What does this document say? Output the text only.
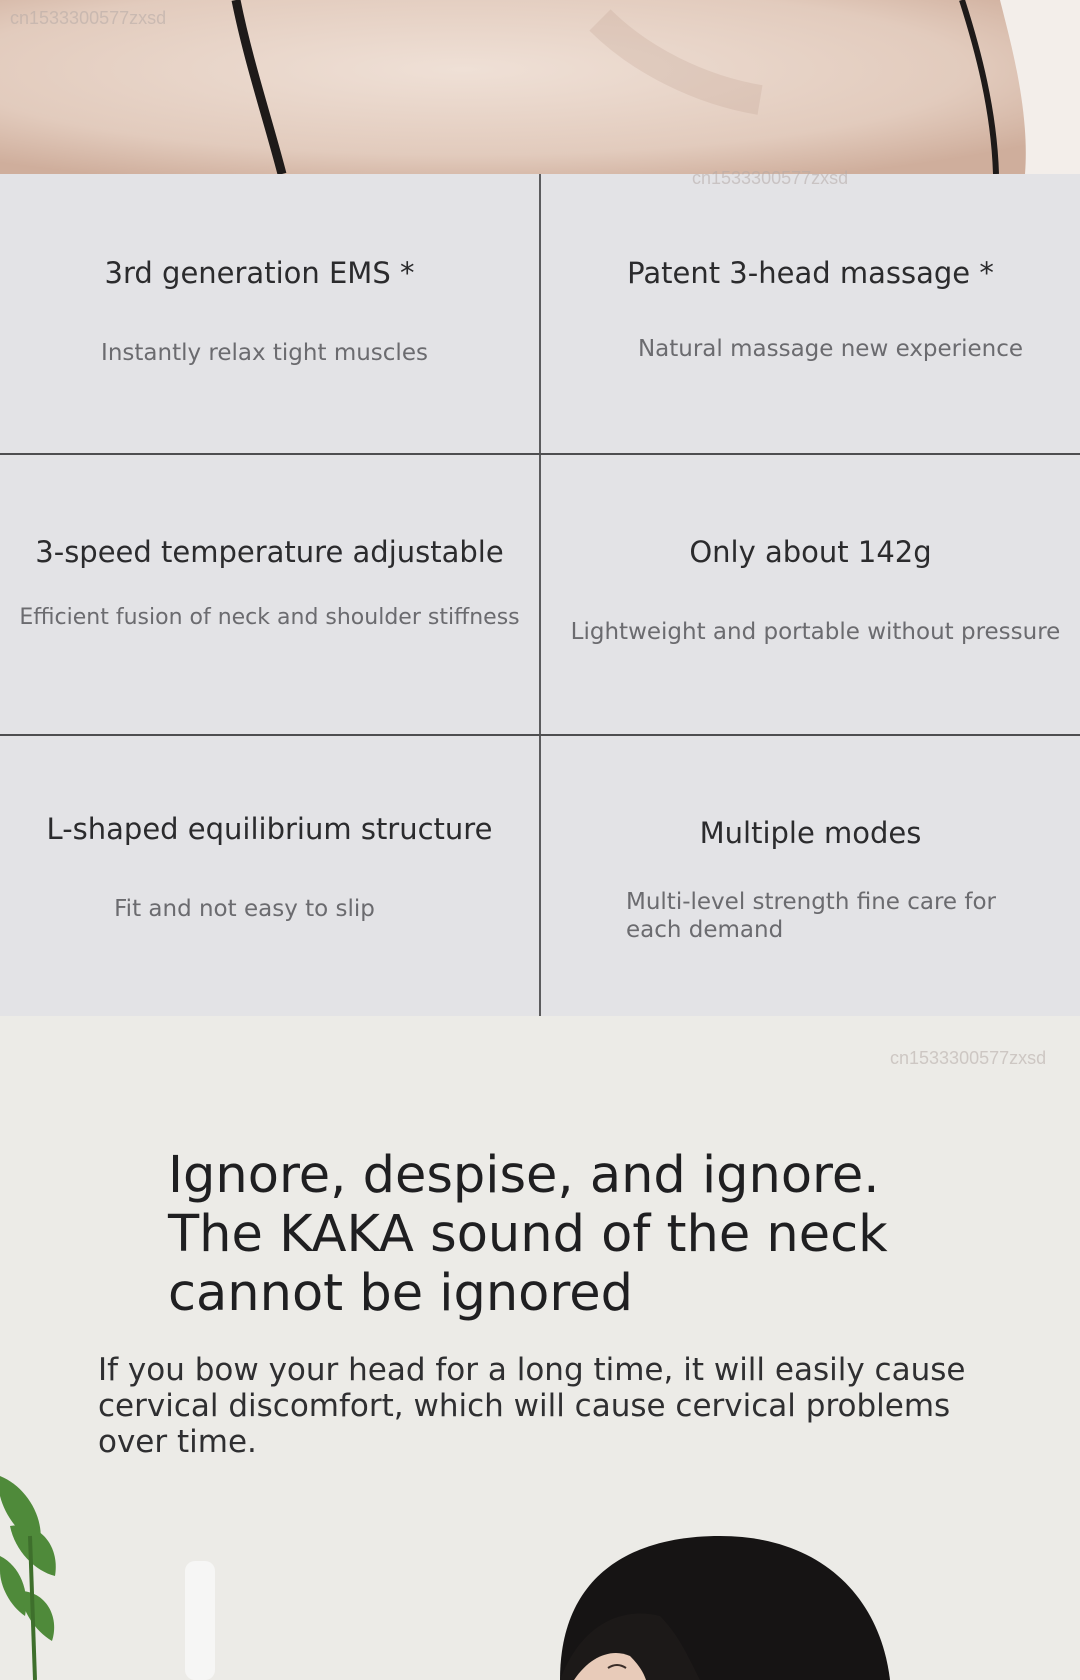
cn1533300577zxsd
cn1533300577zxsd
3rd generation EMS *
Instantly relax tight muscles
Patent 3-head massage *
Natural massage new experience
3-speed temperature adjustable
Efficient fusion of neck and shoulder stiffness
Only about 142g
Lightweight and portable without pressure
L-shaped equilibrium structure
Fit and not easy to slip
Multiple modes
Multi-level strength fine care for each demand
cn1533300577zxsd
Ignore, despise, and ignore. The KAKA sound of the neck cannot be ignored
If you bow your head for a long time, it will easily cause cervical discomfort, which will cause cervical problems over time.
